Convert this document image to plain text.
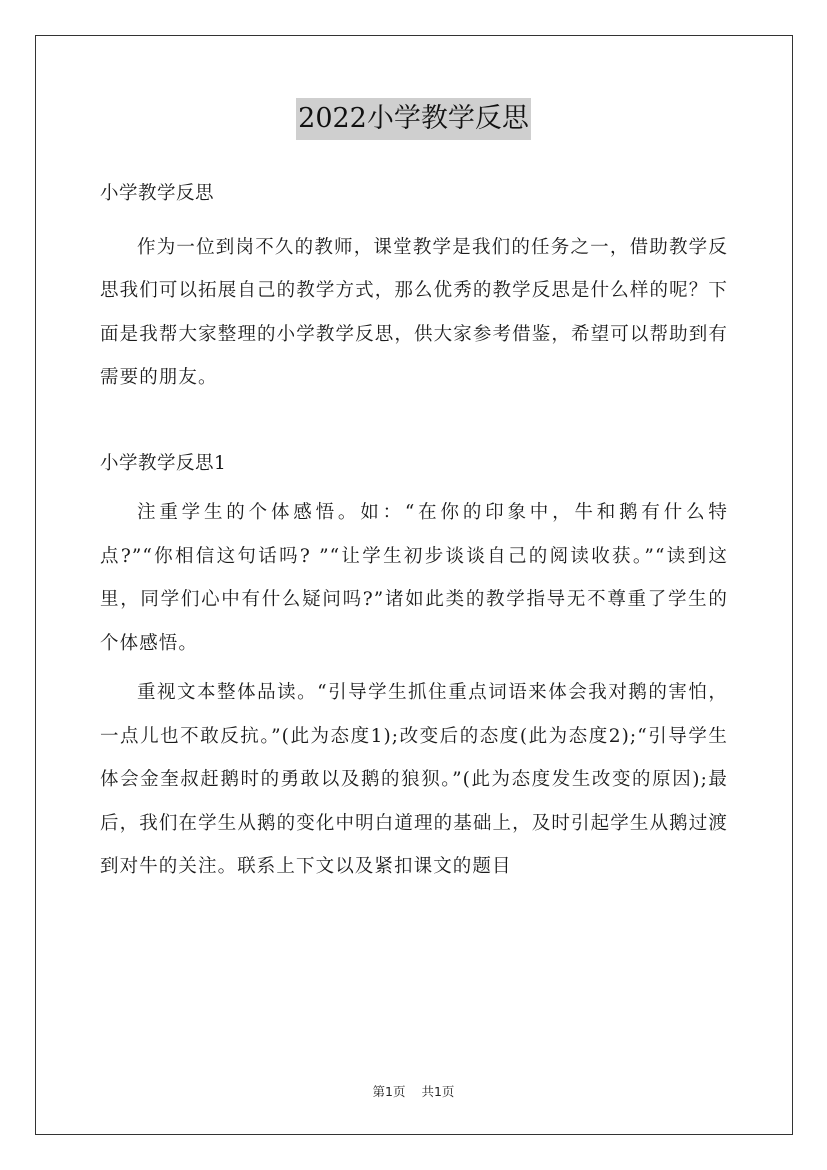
2022小学教学反思

小学教学反思

作为一位到岗不久的教师，课堂教学是我们的任务之一，借助教学反思我们可以拓展自己的教学方式，那么优秀的教学反思是什么样的呢？下面是我帮大家整理的小学教学反思，供大家参考借鉴，希望可以帮助到有需要的朋友。

小学教学反思1

注重学生的个体感悟。如：“在你的印象中，牛和鹅有什么特点?”“你相信这句话吗? ”“让学生初步谈谈自己的阅读收获。”“读到这里，同学们心中有什么疑问吗?”诸如此类的教学指导无不尊重了学生的个体感悟。

重视文本整体品读。“引导学生抓住重点词语来体会我对鹅的害怕，一点儿也不敢反抗。”(此为态度1);改变后的态度(此为态度2);“引导学生体会金奎叔赶鹅时的勇敢以及鹅的狼狈。”(此为态度发生改变的原因);最后，我们在学生从鹅的变化中明白道理的基础上，及时引起学生从鹅过渡到对牛的关注。联系上下文以及紧扣课文的题目

第1页 共1页
